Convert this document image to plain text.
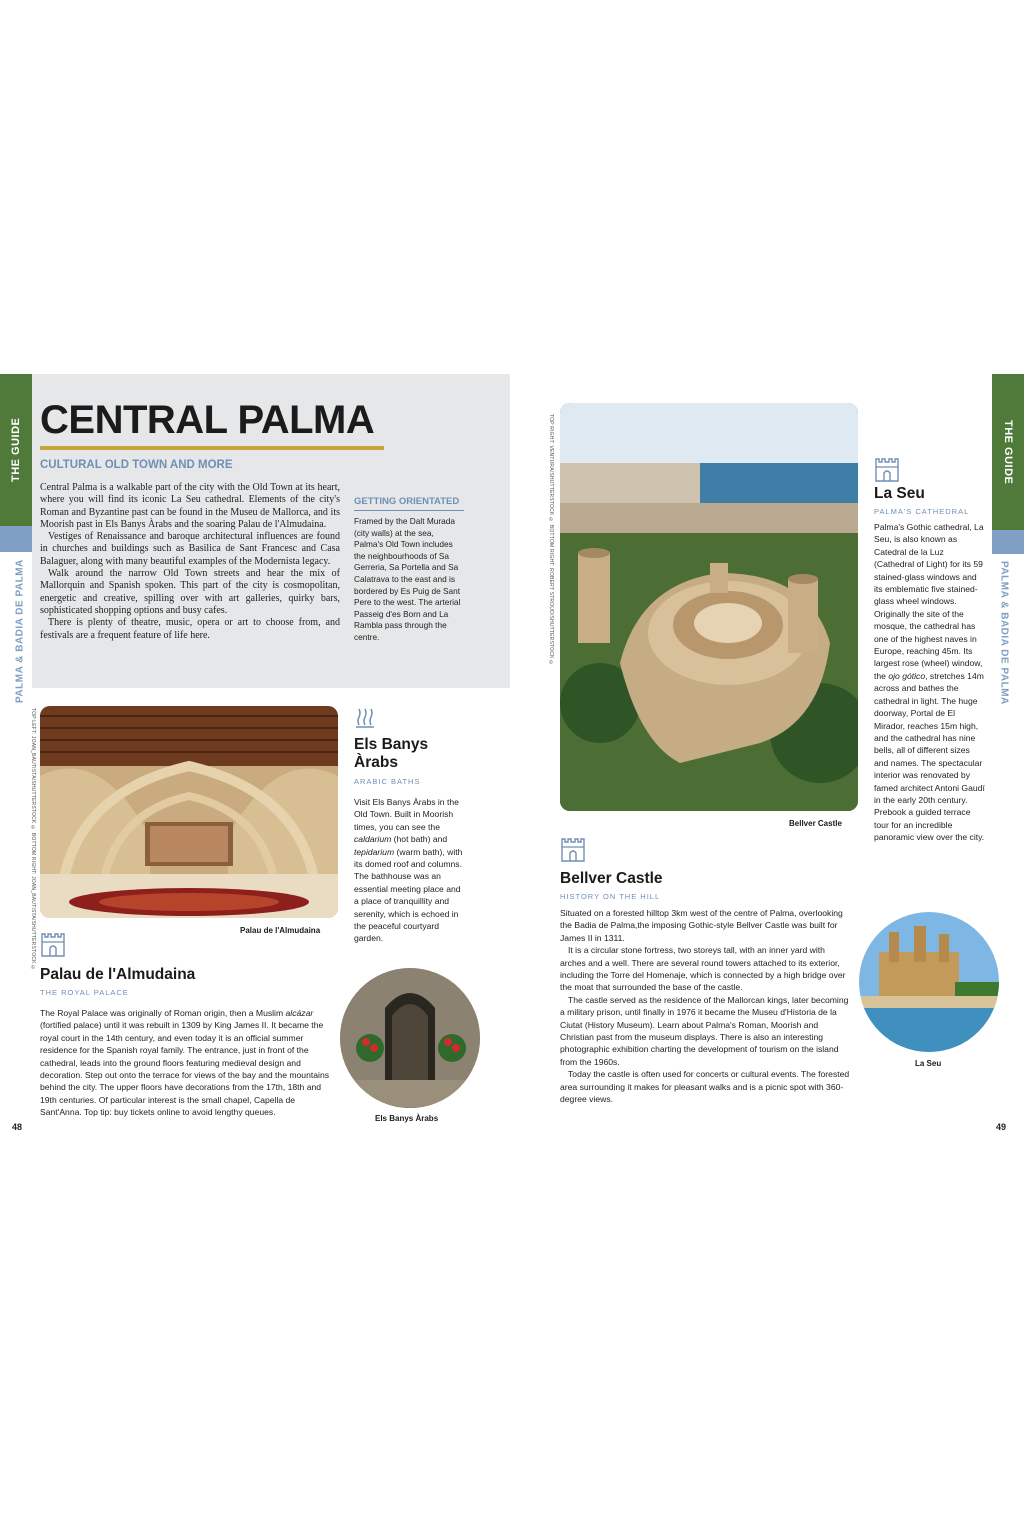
THE GUIDE
PALMA & BADIA DE PALMA
THE GUIDE
PALMA & BADIA DE PALMA
CENTRAL PALMA
CULTURAL OLD TOWN AND MORE

Central Palma is a walkable part of the city with the Old Town at its heart, where you will find its iconic La Seu cathedral. Elements of the city's Roman and Byzantine past can be found in the Museu de Mallorca, and its Moorish past in Els Banys Àrabs and the soaring Palau de l'Almudaina.

Vestiges of Renaissance and baroque architectural influences are found in churches and buildings such as Basilica de Sant Francesc and Casa Balaguer, along with many beautiful examples of the Modernista legacy.

Walk around the narrow Old Town streets and hear the mix of Mallorquin and Spanish spoken. This part of the city is cosmopolitan, energetic and creative, spilling over with art galleries, quirky bars, sophisticated shopping options and busy cafes.

There is plenty of theatre, music, opera or art to choose from, and festivals are a frequent feature of life here.

GETTING ORIENTATED
Framed by the Dalt Murada (city walls) at the sea, Palma's Old Town includes the neighbourhoods of Sa Gerreria, Sa Portella and Sa Calatrava to the east and is bordered by Es Puig de Sant Pere to the west. The arterial Passeig d'es Born and La Rambla pass through the centre.
TOP LEFT: JOAN_BAUTISTA/SHUTTERSTOCK © BOTTOM RIGHT: JOAN_BAUTISTA/SHUTTERSTOCK ©
TOP RIGHT: VENTURA/SHUTTERSTOCK © BOTTOM RIGHT: ROBERT STROUD/SHUTTERSTOCK ©
Palau de l'Almudaina
Els Banys Àrabs
ARABIC BATHS
Visit Els Banys Àrabs in the Old Town. Built in Moorish times, you can see the caldarium (hot bath) and tepidarium (warm bath), with its domed roof and columns. The bathhouse was an essential meeting place and a place of tranquillity and serenity, which is echoed in the peaceful courtyard garden.
Els Banys Àrabs
Palau de l'Almudaina
THE ROYAL PALACE
The Royal Palace was originally of Roman origin, then a Muslim alcázar (fortified palace) until it was rebuilt in 1309 by King James II. It became the royal court in the 14th century, and even today it is an official summer residence for the Spanish royal family. The entrance, just in front of the cathedral, leads into the ground floors featuring medieval design and decoration. Step out onto the terrace for views of the bay and the mountains behind the city. The upper floors have decorations from the 17th, 18th and 19th centuries. Of particular interest is the small chapel, Capella de Sant'Anna. Top tip: buy tickets online to avoid lengthy queues.
48
Bellver Castle
Bellver Castle
HISTORY ON THE HILL

Situated on a forested hilltop 3km west of the centre of Palma, overlooking the Badia de Palma,the imposing Gothic-style Bellver Castle was built for James II in 1311.

It is a circular stone fortress, two storeys tall, with an inner yard with arches and a well. There are several round towers attached to its exterior, including the Torre del Homenaje, which is connected by a high bridge over the moat that surrounded the base of the castle.

The castle served as the residence of the Mallorcan kings, later becoming a military prison, until finally in 1976 it became the Museu d'Historia de la Ciutat (History Museum). Learn about Palma's Roman, Moorish and Christian past from the museum displays. There is also an interesting photographic exhibition charting the development of tourism on the island from the 1960s.

Today the castle is often used for concerts or cultural events. The forested area surrounding it makes for pleasant walks and is a picnic spot with 360-degree views.

La Seu
PALMA'S CATHEDRAL
Palma's Gothic cathedral, La Seu, is also known as Catedral de la Luz (Cathedral of Light) for its 59 stained-glass windows and its emblematic five stained-glass wheel windows. Originally the site of the mosque, the cathedral has one of the highest naves in Europe, reaching 45m. Its largest rose (wheel) window, the ojo gótico, stretches 14m across and bathes the cathedral in light. The huge doorway, Portal de El Mirador, reaches 15m high, and the cathedral has nine bells, all of different sizes and names. The spectacular interior was renovated by famed architect Antoni Gaudí in the early 20th century. Prebook a guided terrace tour for an incredible panoramic view over the city.
La Seu
49
